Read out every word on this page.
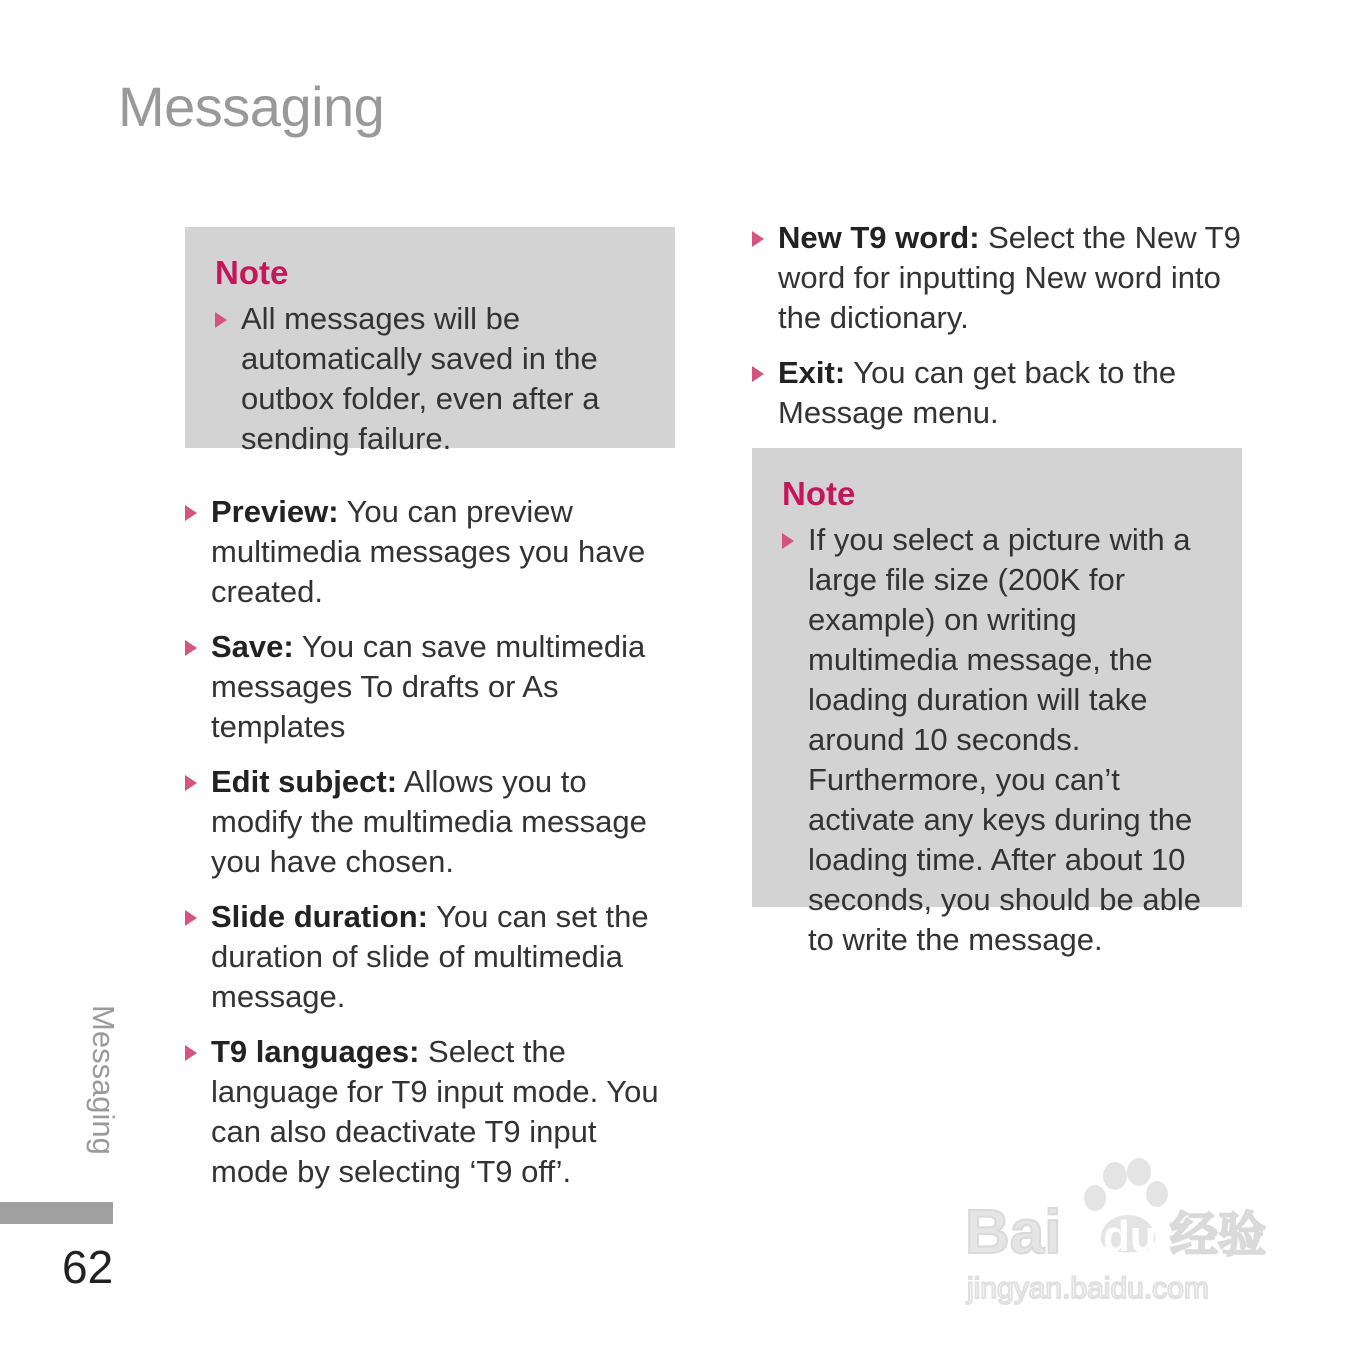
Messaging
Note
All messages will be automatically saved in the outbox folder, even after a sending failure.
Preview: You can preview multimedia messages you have created.
Save: You can save multimedia messages To drafts or As templates
Edit subject: Allows you to modify the multimedia message you have chosen.
Slide duration: You can set the duration of slide of multimedia message.
T9 languages: Select the language for T9 input mode. You can also deactivate T9 input mode by selecting ‘T9 off’.
New T9 word: Select the New T9 word for inputting New word into the dictionary.
Exit: You can get back to the Message menu.
Note
If you select a picture with a large file size (200K for example) on writing multimedia message, the loading duration will take around 10 seconds. Furthermore, you can’t activate any keys during the loading time. After about 10 seconds, you should be able to write the message.
Messaging
62	Bai du 经验
jingyan.baidu.com
